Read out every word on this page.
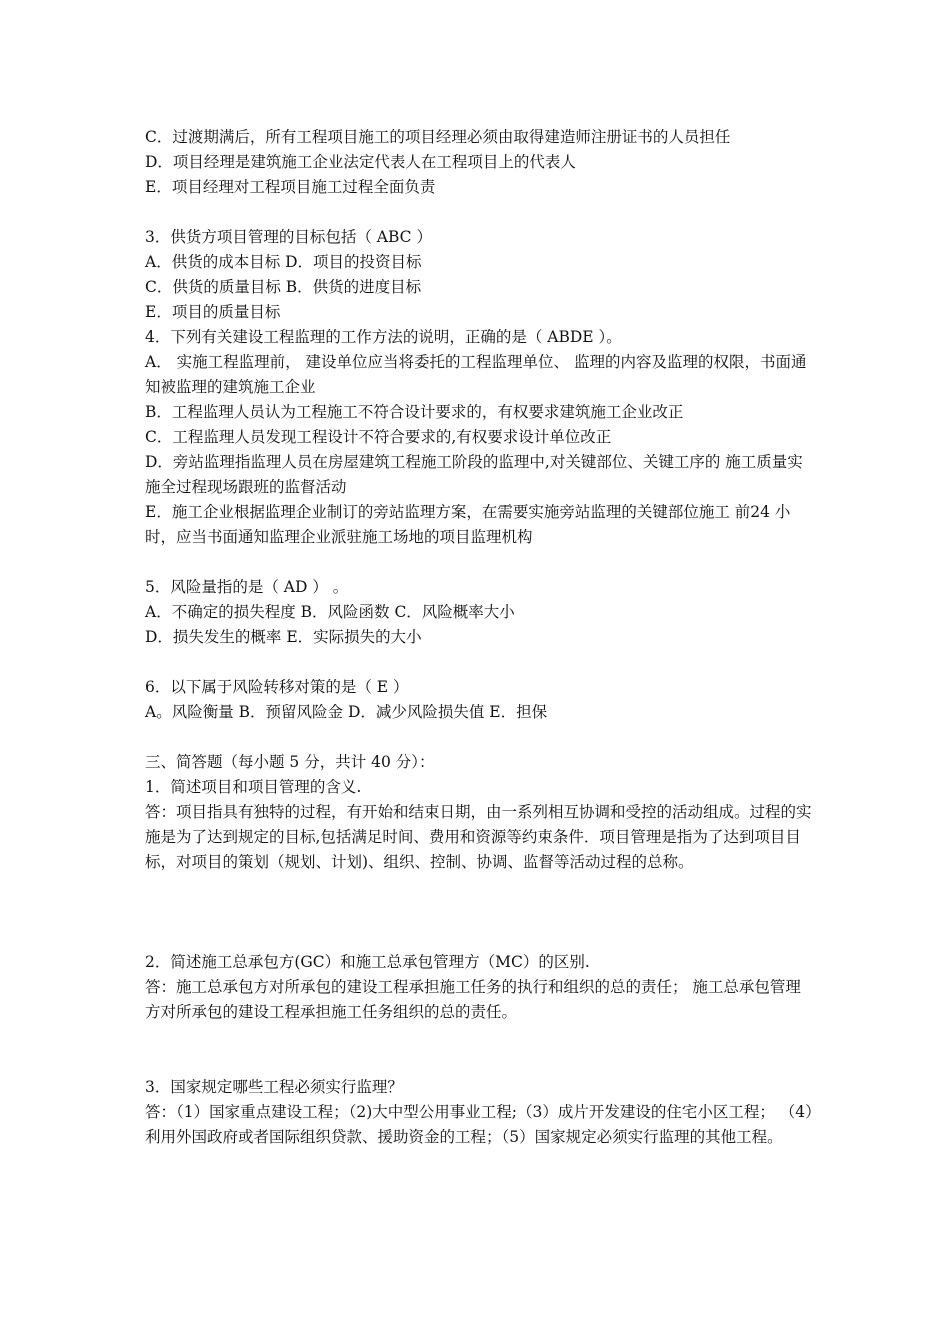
C．过渡期满后，所有工程项目施工的项目经理必须由取得建造师注册证书的人员担任
D．项目经理是建筑施工企业法定代表人在工程项目上的代表人
E．项目经理对工程项目施工过程全面负责
3．供货方项目管理的目标包括（ ABC ）
A．供货的成本目标 D．项目的投资目标
C．供货的质量目标 B．供货的进度目标
E．项目的质量目标
4．下列有关建设工程监理的工作方法的说明，正确的是（ ABDE ）。
A． 实施工程监理前， 建设单位应当将委托的工程监理单位、 监理的内容及监理的权限，书面通知被监理的建筑施工企业
B．工程监理人员认为工程施工不符合设计要求的，有权要求建筑施工企业改正
C．工程监理人员发现工程设计不符合要求的,有权要求设计单位改正
D．旁站监理指监理人员在房屋建筑工程施工阶段的监理中,对关键部位、关键工序的 施工质量实施全过程现场跟班的监督活动
E．施工企业根据监理企业制订的旁站监理方案，在需要实施旁站监理的关键部位施工 前24 小时，应当书面通知监理企业派驻施工场地的项目监理机构
5．风险量指的是（ AD ） 。
A．不确定的损失程度 B．风险函数 C．风险概率大小
D．损失发生的概率 E．实际损失的大小
6．以下属于风险转移对策的是（ E ）
A。风险衡量 B．预留风险金 D．减少风险损失值 E．担保
三、简答题（每小题 5 分，共计 40 分）：
1．简述项目和项目管理的含义.
答：项目指具有独特的过程，有开始和结束日期，由一系列相互协调和受控的活动组成。过程的实施是为了达到规定的目标,包括满足时间、费用和资源等约束条件．项目管理是指为了达到项目目标，对项目的策划（规划、计划)、组织、控制、协调、监督等活动过程的总称。
2．简述施工总承包方(GC）和施工总承包管理方（MC）的区别.
答：施工总承包方对所承包的建设工程承担施工任务的执行和组织的总的责任； 施工总承包管理方对所承包的建设工程承担施工任务组织的总的责任。
3．国家规定哪些工程必须实行监理？
答：（1）国家重点建设工程；（2)大中型公用事业工程;（3）成片开发建设的住宅小区工程； （4）利用外国政府或者国际组织贷款、援助资金的工程；（5）国家规定必须实行监理的其他工程。
